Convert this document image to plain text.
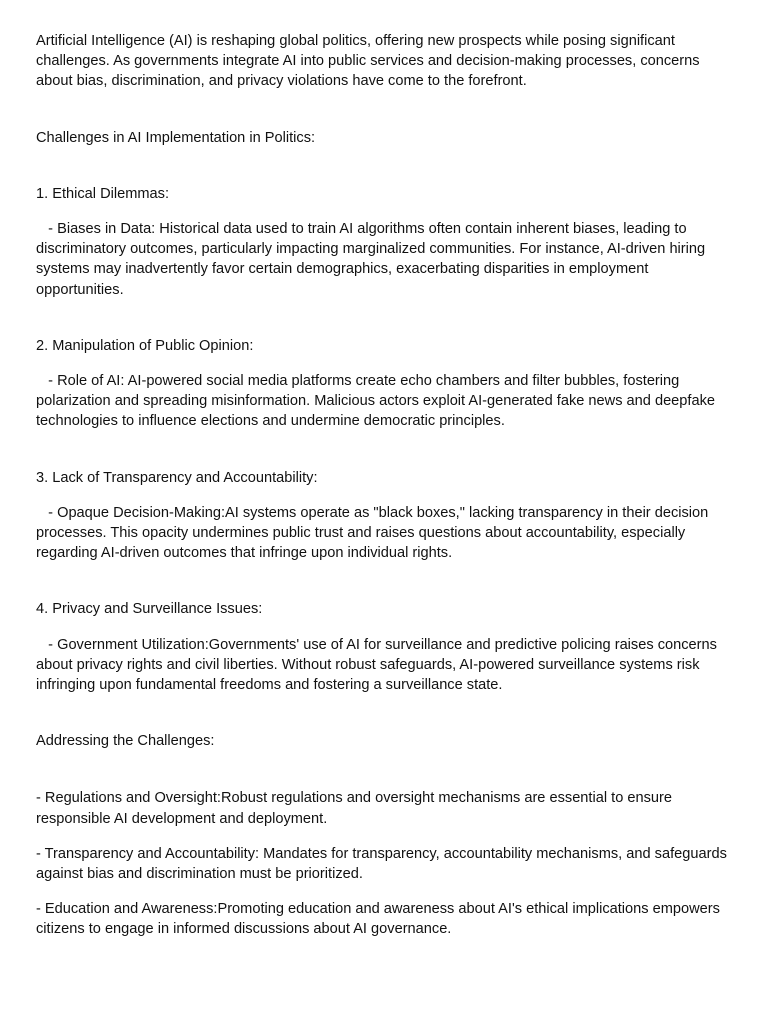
Artificial Intelligence (AI) is reshaping global politics, offering new prospects while posing significant challenges. As governments integrate AI into public services and decision-making processes, concerns about bias, discrimination, and privacy violations have come to the forefront.

Challenges in AI Implementation in Politics:

1. Ethical Dilemmas:

- Biases in Data: Historical data used to train AI algorithms often contain inherent biases, leading to discriminatory outcomes, particularly impacting marginalized communities. For instance, AI-driven hiring systems may inadvertently favor certain demographics, exacerbating disparities in employment opportunities.

2. Manipulation of Public Opinion:

- Role of AI: AI-powered social media platforms create echo chambers and filter bubbles, fostering polarization and spreading misinformation. Malicious actors exploit AI-generated fake news and deepfake technologies to influence elections and undermine democratic principles.

3. Lack of Transparency and Accountability:

- Opaque Decision-Making:AI systems operate as "black boxes," lacking transparency in their decision processes. This opacity undermines public trust and raises questions about accountability, especially regarding AI-driven outcomes that infringe upon individual rights.

4. Privacy and Surveillance Issues:

- Government Utilization:Governments' use of AI for surveillance and predictive policing raises concerns about privacy rights and civil liberties. Without robust safeguards, AI-powered surveillance systems risk infringing upon fundamental freedoms and fostering a surveillance state.

Addressing the Challenges:

- Regulations and Oversight:Robust regulations and oversight mechanisms are essential to ensure responsible AI development and deployment.

- Transparency and Accountability: Mandates for transparency, accountability mechanisms, and safeguards against bias and discrimination must be prioritized.

- Education and Awareness:Promoting education and awareness about AI's ethical implications empowers citizens to engage in informed discussions about AI governance.
